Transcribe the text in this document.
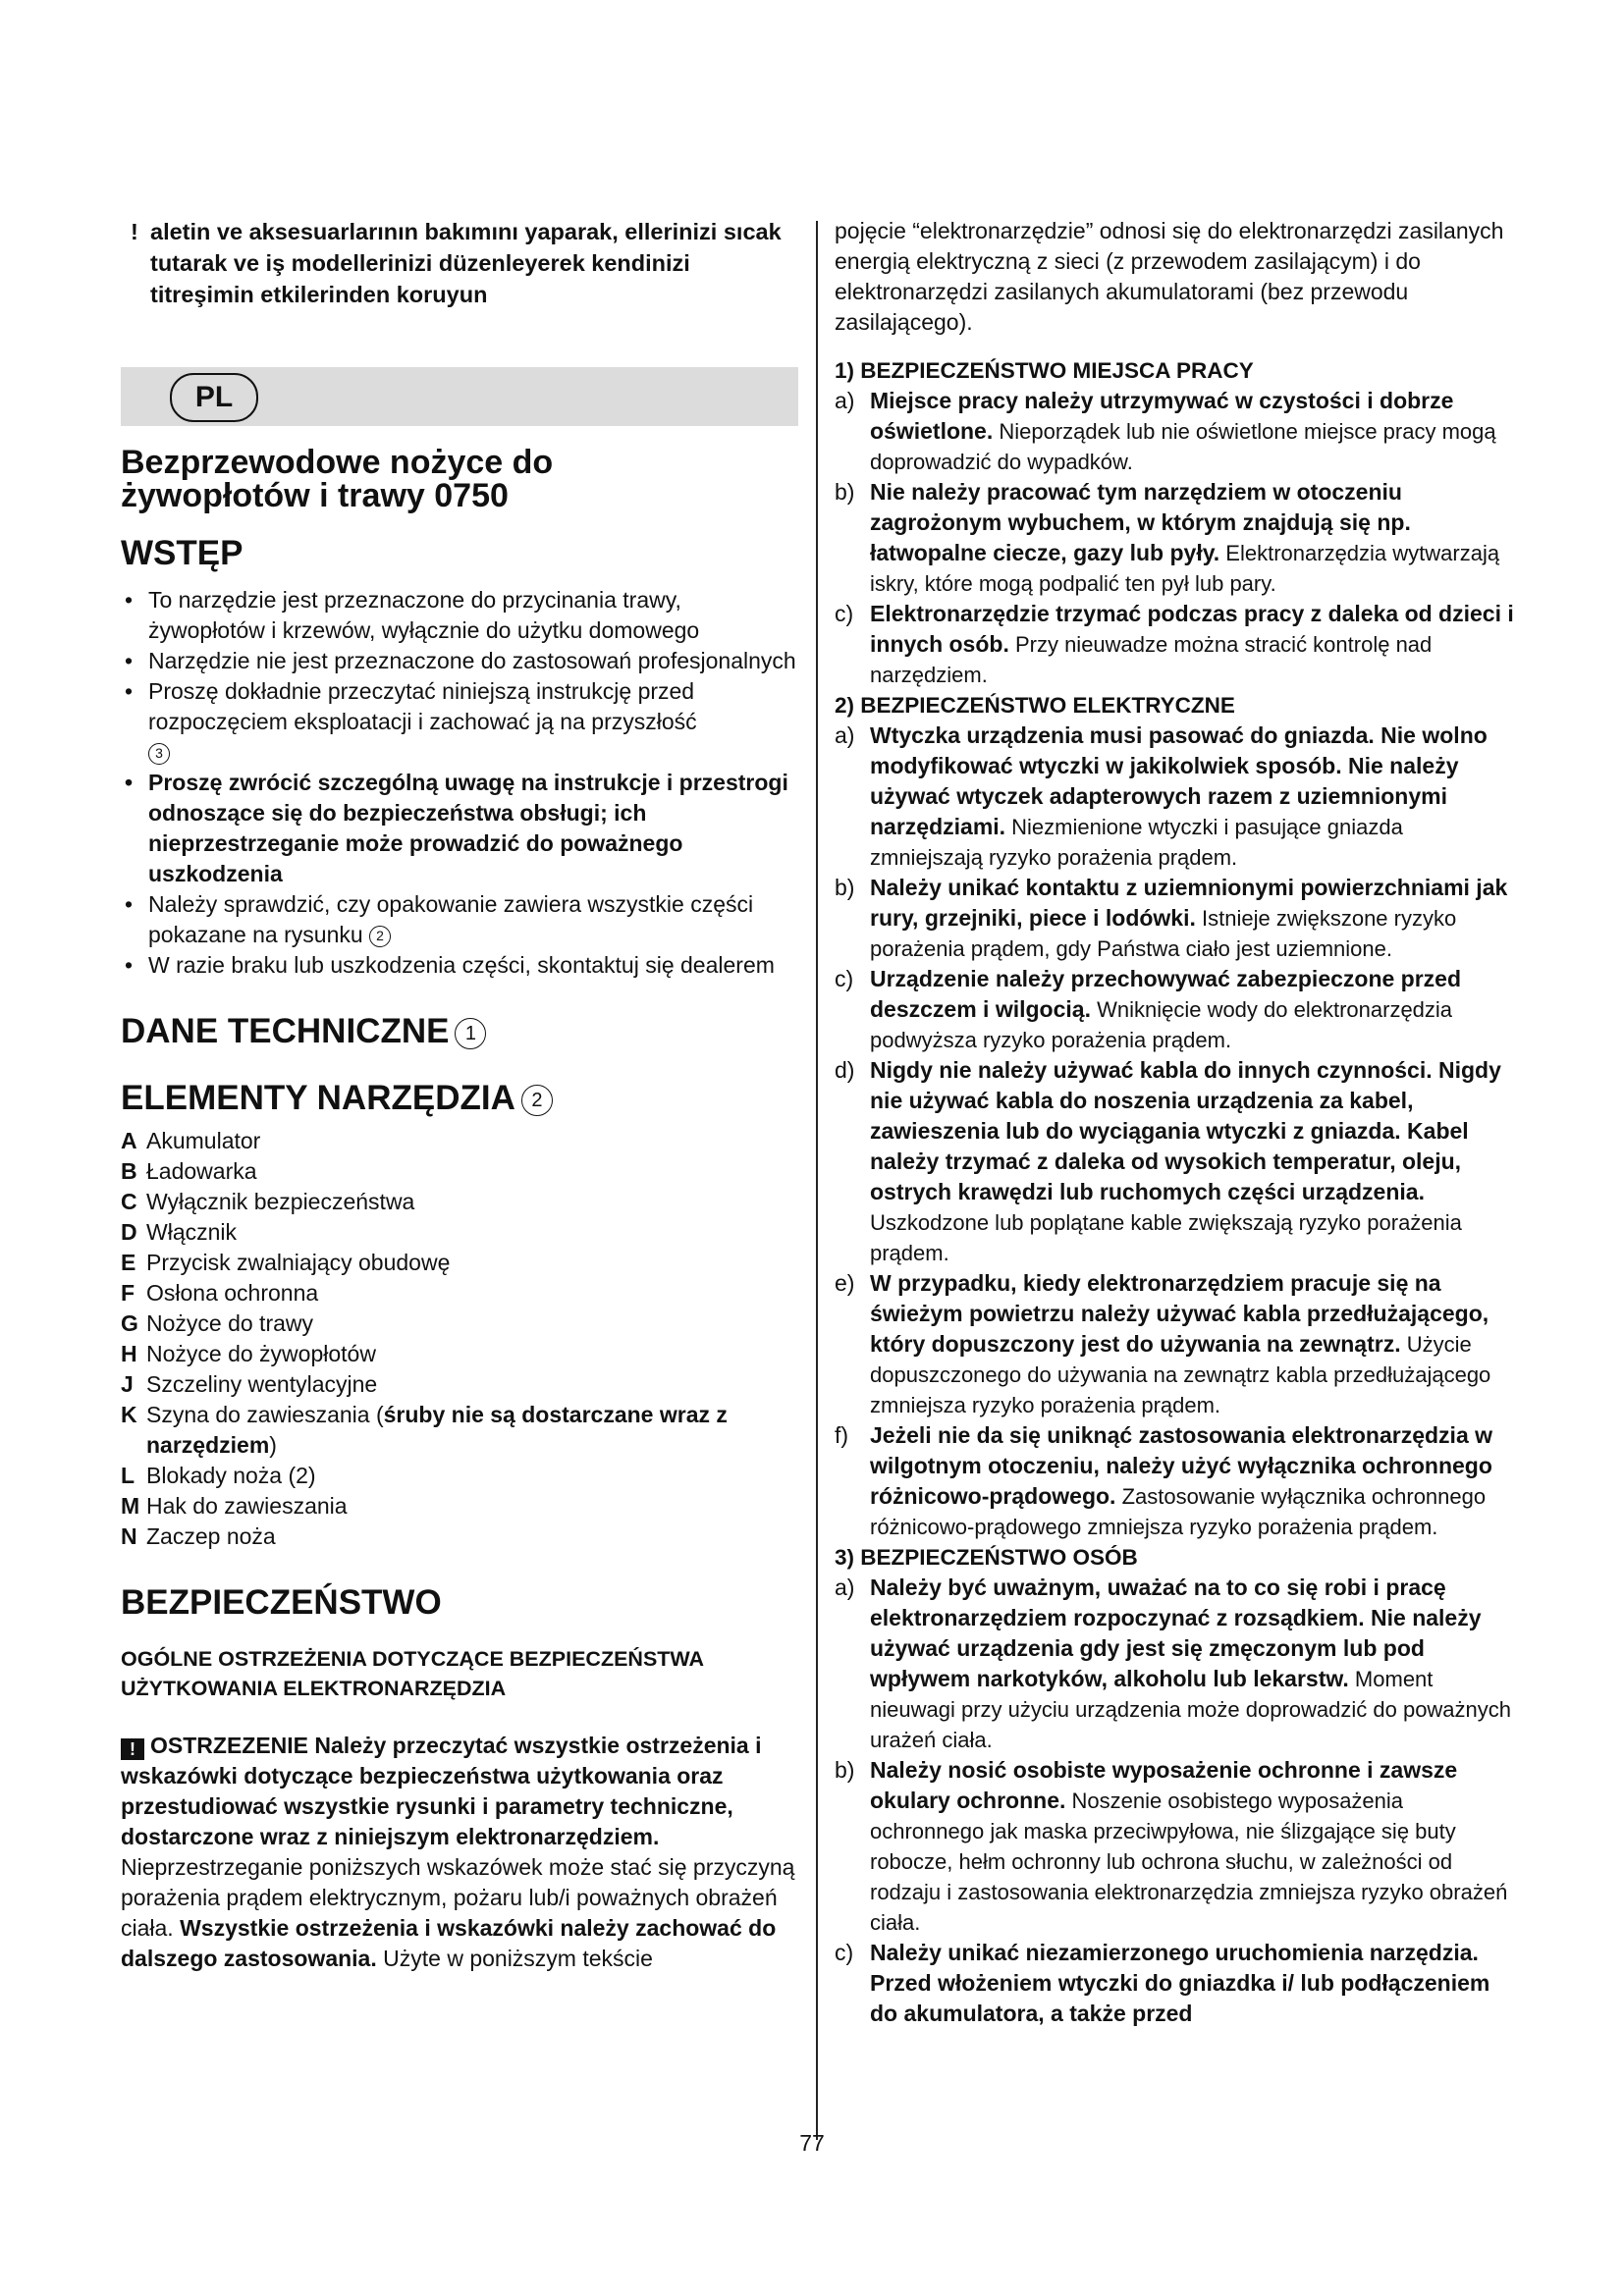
! aletin ve aksesuarlarının bakımını yaparak, ellerinizi sıcak tutarak ve iş modellerinizi düzenleyerek kendinizi titreşimin etkilerinden koruyun
PL
Bezprzewodowe nożyce do
żywopłotów i trawy 0750
WSTĘP
• To narzędzie jest przeznaczone do przycinania trawy, żywopłotów i krzewów, wyłącznie do użytku domowego
• Narzędzie nie jest przeznaczone do zastosowań profesjonalnych
• Proszę dokładnie przeczytać niniejszą instrukcję przed rozpoczęciem eksploatacji i zachować ją na przyszłość
3
• Proszę zwrócić szczególną uwagę na instrukcje i przestrogi odnoszące się do bezpieczeństwa obsługi; ich nieprzestrzeganie może prowadzić do poważnego uszkodzenia
• Należy sprawdzić, czy opakowanie zawiera wszystkie części pokazane na rysunku 2
• W razie braku lub uszkodzenia części, skontaktuj się dealerem
DANE TECHNICZNE 1
ELEMENTY NARZĘDZIA 2
A Akumulator
B Ładowarka
C Wyłącznik bezpieczeństwa
D Włącznik
E Przycisk zwalniający obudowę
F Osłona ochronna
G Nożyce do trawy
H Nożyce do żywopłotów
J Szczeliny wentylacyjne
K Szyna do zawieszania (śruby nie są dostarczane wraz z narzędziem)
L Blokady noża (2)
M Hak do zawieszania
N Zaczep noża
BEZPIECZEŃSTWO
OGÓLNE OSTRZEŻENIA DOTYCZĄCE BEZPIECZEŃSTWA UŻYTKOWANIA ELEKTRONARZĘDZIA
! OSTRZEZENIE Należy przeczytać wszystkie ostrzeżenia i wskazówki dotyczące bezpieczeństwa użytkowania oraz przestudiować wszystkie rysunki i parametry techniczne, dostarczone wraz z niniejszym elektronarzędziem. Nieprzestrzeganie poniższych wskazówek może stać się przyczyną porażenia prądem elektrycznym, pożaru lub/i poważnych obrażeń ciała. Wszystkie ostrzeżenia i wskazówki należy zachować do dalszego zastosowania. Użyte w poniższym tekście
pojęcie “elektronarzędzie” odnosi się do elektronarzędzi zasilanych energią elektryczną z sieci (z przewodem zasilającym) i do elektronarzędzi zasilanych akumulatorami (bez przewodu zasilającego).
1) BEZPIECZEŃSTWO MIEJSCA PRACY
a) Miejsce pracy należy utrzymywać w czystości i dobrze oświetlone. Nieporządek lub nie oświetlone miejsce pracy mogą doprowadzić do wypadków.
b) Nie należy pracować tym narzędziem w otoczeniu zagrożonym wybuchem, w którym znajdują się np. łatwopalne ciecze, gazy lub pyły. Elektronarzędzia wytwarzają iskry, które mogą podpalić ten pył lub pary.
c) Elektronarzędzie trzymać podczas pracy z daleka od dzieci i innych osób. Przy nieuwadze można stracić kontrolę nad narzędziem.
2) BEZPIECZEŃSTWO ELEKTRYCZNE
a) Wtyczka urządzenia musi pasować do gniazda. Nie wolno modyfikować wtyczki w jakikolwiek sposób. Nie należy używać wtyczek adapterowych razem z uziemnionymi narzędziami. Niezmienione wtyczki i pasujące gniazda zmniejszają ryzyko porażenia prądem.
b) Należy unikać kontaktu z uziemnionymi powierzchniami jak rury, grzejniki, piece i lodówki. Istnieje zwiększone ryzyko porażenia prądem, gdy Państwa ciało jest uziemnione.
c) Urządzenie należy przechowywać zabezpieczone przed deszczem i wilgocią. Wniknięcie wody do elektronarzędzia podwyższa ryzyko porażenia prądem.
d) Nigdy nie należy używać kabla do innych czynności. Nigdy nie używać kabla do noszenia urządzenia za kabel, zawieszenia lub do wyciągania wtyczki z gniazda. Kabel należy trzymać z daleka od wysokich temperatur, oleju, ostrych krawędzi lub ruchomych części urządzenia. Uszkodzone lub poplątane kable zwiększają ryzyko porażenia prądem.
e) W przypadku, kiedy elektronarzędziem pracuje się na świeżym powietrzu należy używać kabla przedłużającego, który dopuszczony jest do używania na zewnątrz. Użycie dopuszczonego do używania na zewnątrz kabla przedłużającego zmniejsza ryzyko porażenia prądem.
f) Jeżeli nie da się uniknąć zastosowania elektronarzędzia w wilgotnym otoczeniu, należy użyć wyłącznika ochronnego różnicowo-prądowego. Zastosowanie wyłącznika ochronnego różnicowo-prądowego zmniejsza ryzyko porażenia prądem.
3) BEZPIECZEŃSTWO OSÓB
a) Należy być uważnym, uważać na to co się robi i pracę elektronarzędziem rozpoczynać z rozsądkiem. Nie należy używać urządzenia gdy jest się zmęczonym lub pod wpływem narkotyków, alkoholu lub lekarstw. Moment nieuwagi przy użyciu urządzenia może doprowadzić do poważnych urażeń ciała.
b) Należy nosić osobiste wyposażenie ochronne i zawsze okulary ochronne. Noszenie osobistego wyposażenia ochronnego jak maska przeciwpyłowa, nie ślizgające się buty robocze, hełm ochronny lub ochrona słuchu, w zależności od rodzaju i zastosowania elektronarzędzia zmniejsza ryzyko obrażeń ciała.
c) Należy unikać niezamierzonego uruchomienia narzędzia. Przed włożeniem wtyczki do gniazdka i/ lub podłączeniem do akumulatora, a także przed
77
